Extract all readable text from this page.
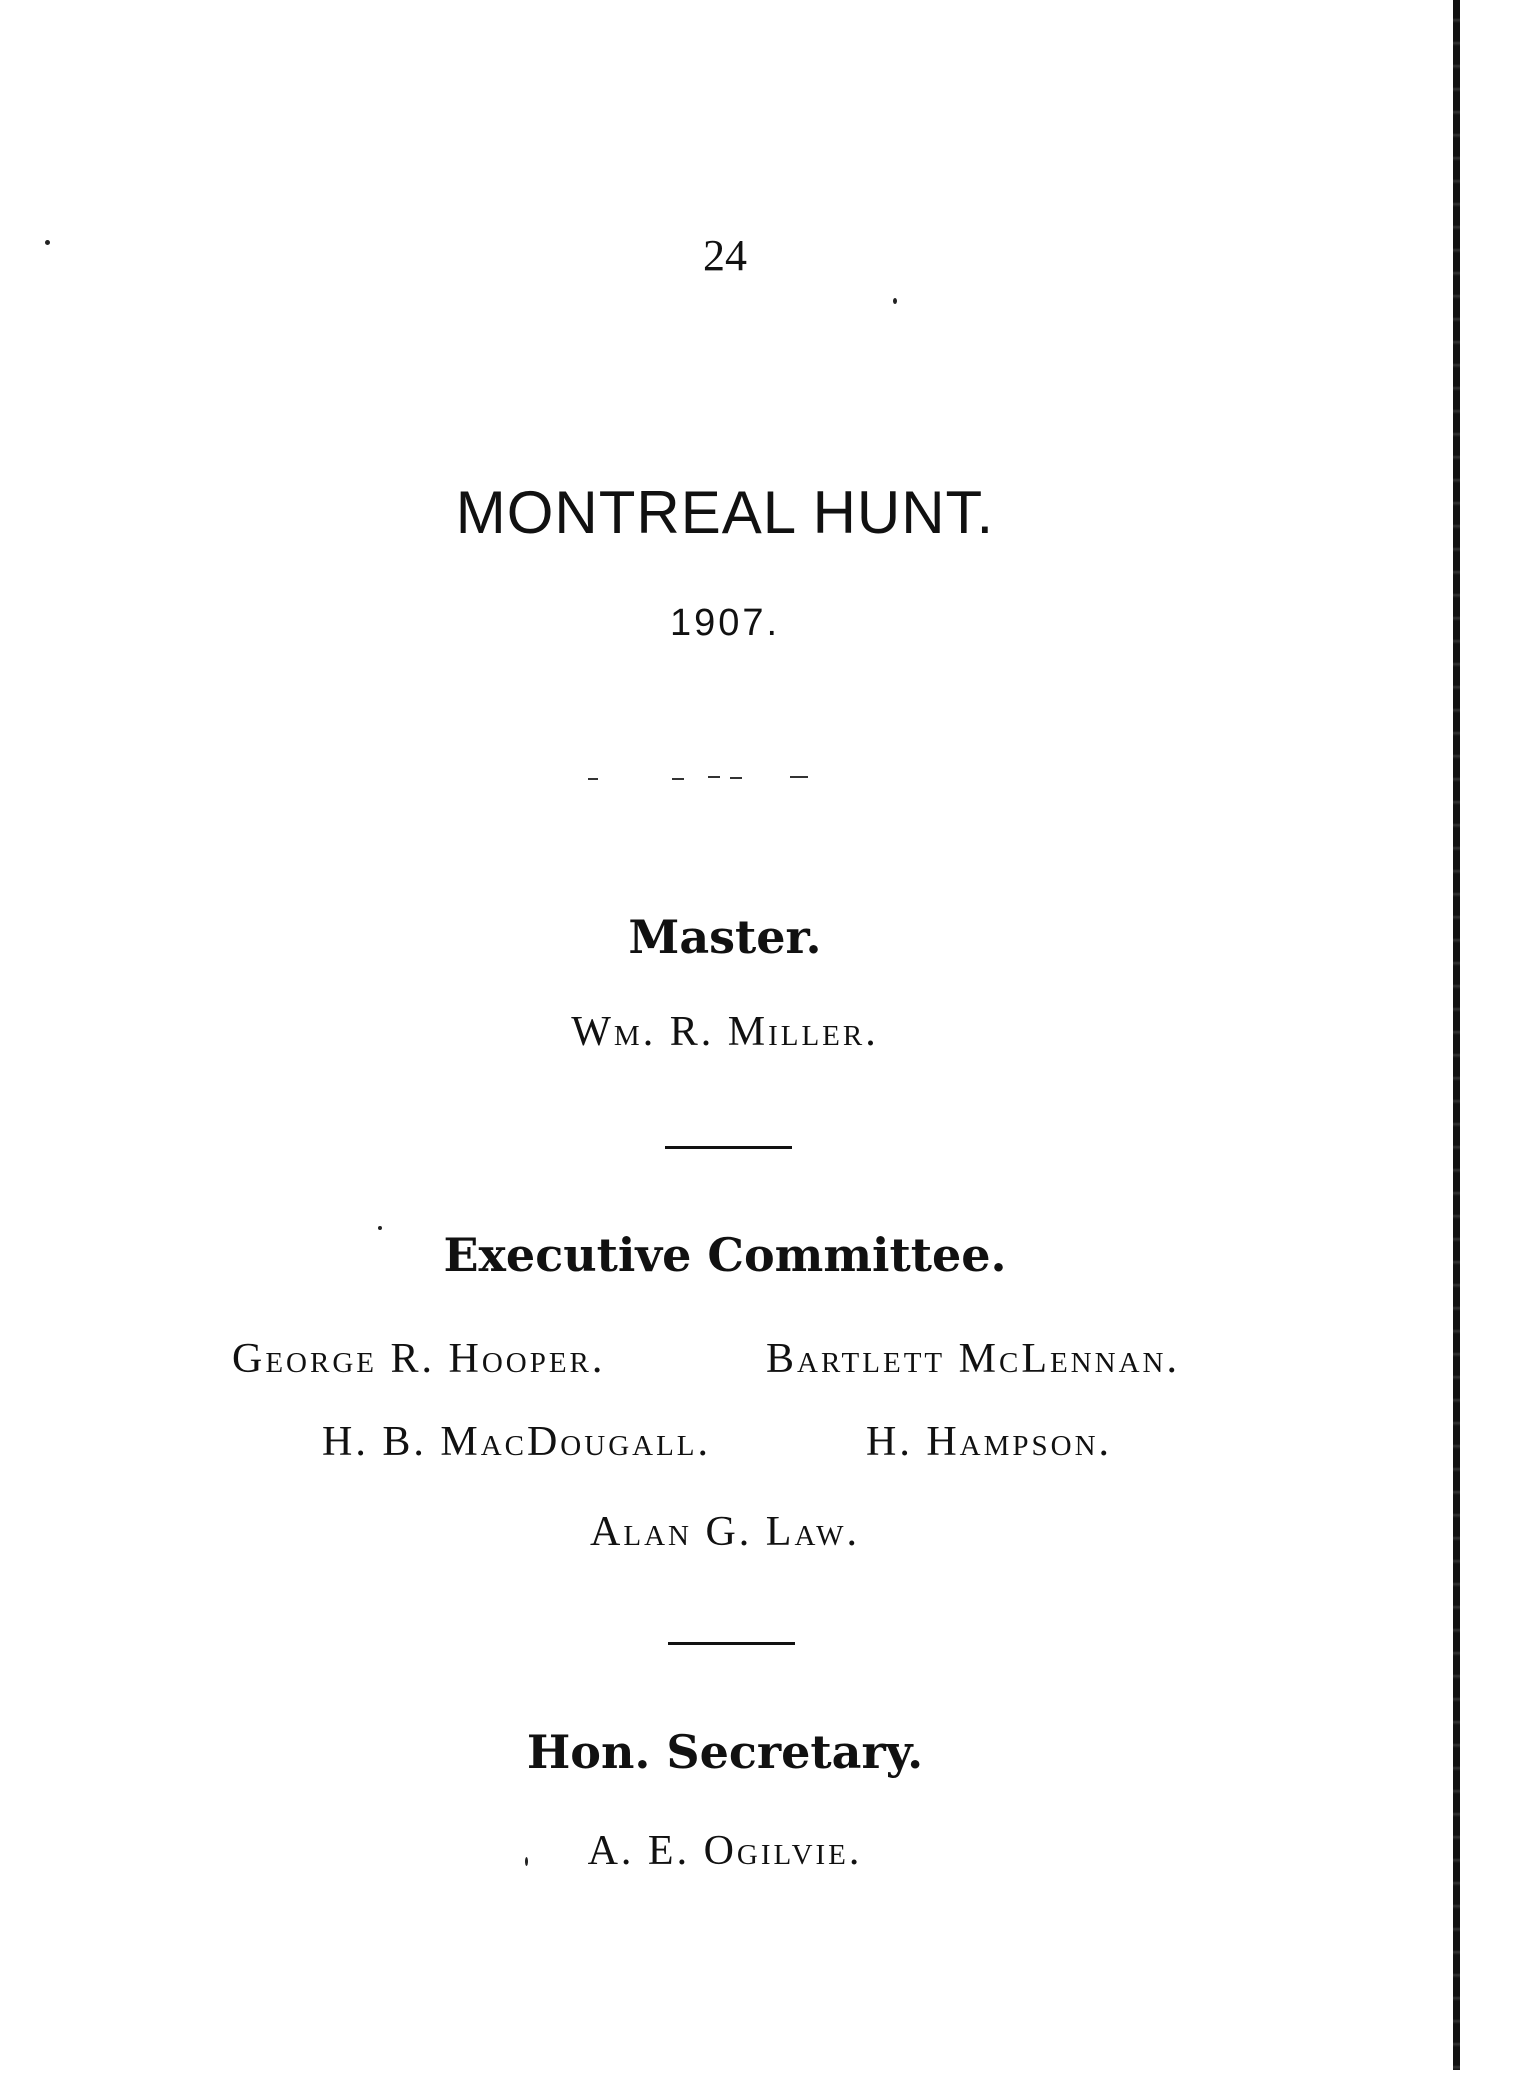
24
MONTREAL HUNT.
1907.
Master.
Wm. R. Miller.
Executive Committee.
George R. Hooper.	Bartlett McLennan.
H. B. MacDougall.	H. Hampson.
Alan G. Law.
Hon. Secretary.
A. E. Ogilvie.
